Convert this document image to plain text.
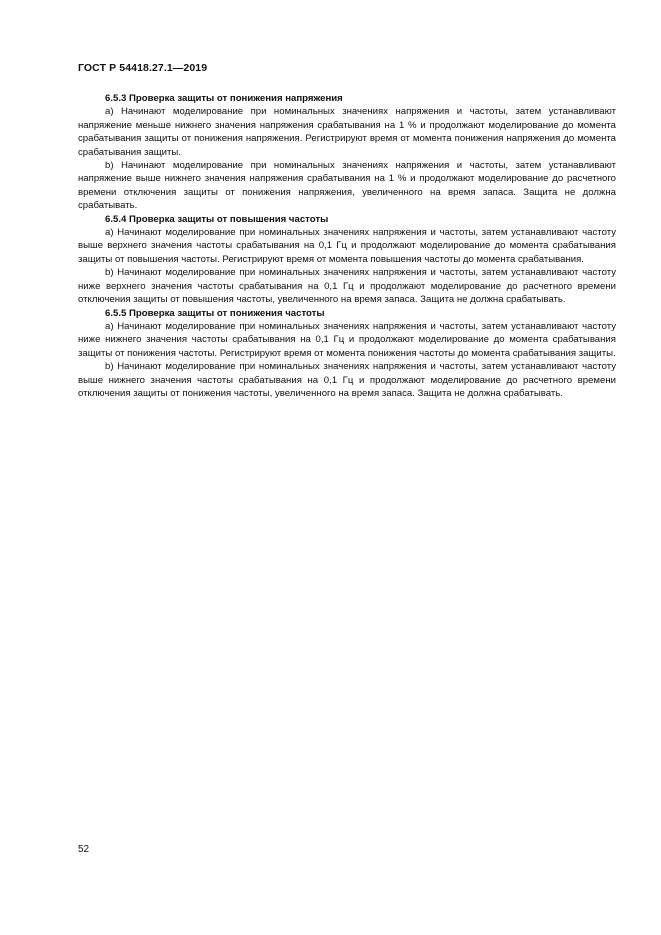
ГОСТ Р 54418.27.1—2019

6.5.3 Проверка защиты от понижения напряжения

a) Начинают моделирование при номинальных значениях напряжения и частоты, затем устанавливают напряжение меньше нижнего значения напряжения срабатывания на 1 % и продолжают моделирование до момента срабатывания защиты от понижения напряжения. Регистрируют время от момента понижения напряжения до момента срабатывания защиты.

b) Начинают моделирование при номинальных значениях напряжения и частоты, затем устанавливают напряжение выше нижнего значения напряжения срабатывания на 1 % и продолжают моделирование до расчетного времени отключения защиты от понижения напряжения, увеличенного на время запаса. Защита не должна срабатывать.

6.5.4 Проверка защиты от повышения частоты

a) Начинают моделирование при номинальных значениях напряжения и частоты, затем устанавливают частоту выше верхнего значения частоты срабатывания на 0,1 Гц и продолжают моделирование до момента срабатывания защиты от повышения частоты. Регистрируют время от момента повышения частоты до момента срабатывания.

b) Начинают моделирование при номинальных значениях напряжения и частоты, затем устанавливают частоту ниже верхнего значения частоты срабатывания на 0,1 Гц и продолжают моделирование до расчетного времени отключения защиты от повышения частоты, увеличенного на время запаса. Защита не должна срабатывать.

6.5.5 Проверка защиты от понижения частоты

a) Начинают моделирование при номинальных значениях напряжения и частоты, затем устанавливают частоту ниже нижнего значения частоты срабатывания на 0,1 Гц и продолжают моделирование до момента срабатывания защиты от понижения частоты. Регистрируют время от момента понижения частоты до момента срабатывания защиты.

b) Начинают моделирование при номинальных значениях напряжения и частоты, затем устанавливают частоту выше нижнего значения частоты срабатывания на 0,1 Гц и продолжают моделирование до расчетного времени отключения защиты от понижения частоты, увеличенного на время запаса. Защита не должна срабатывать.

52
